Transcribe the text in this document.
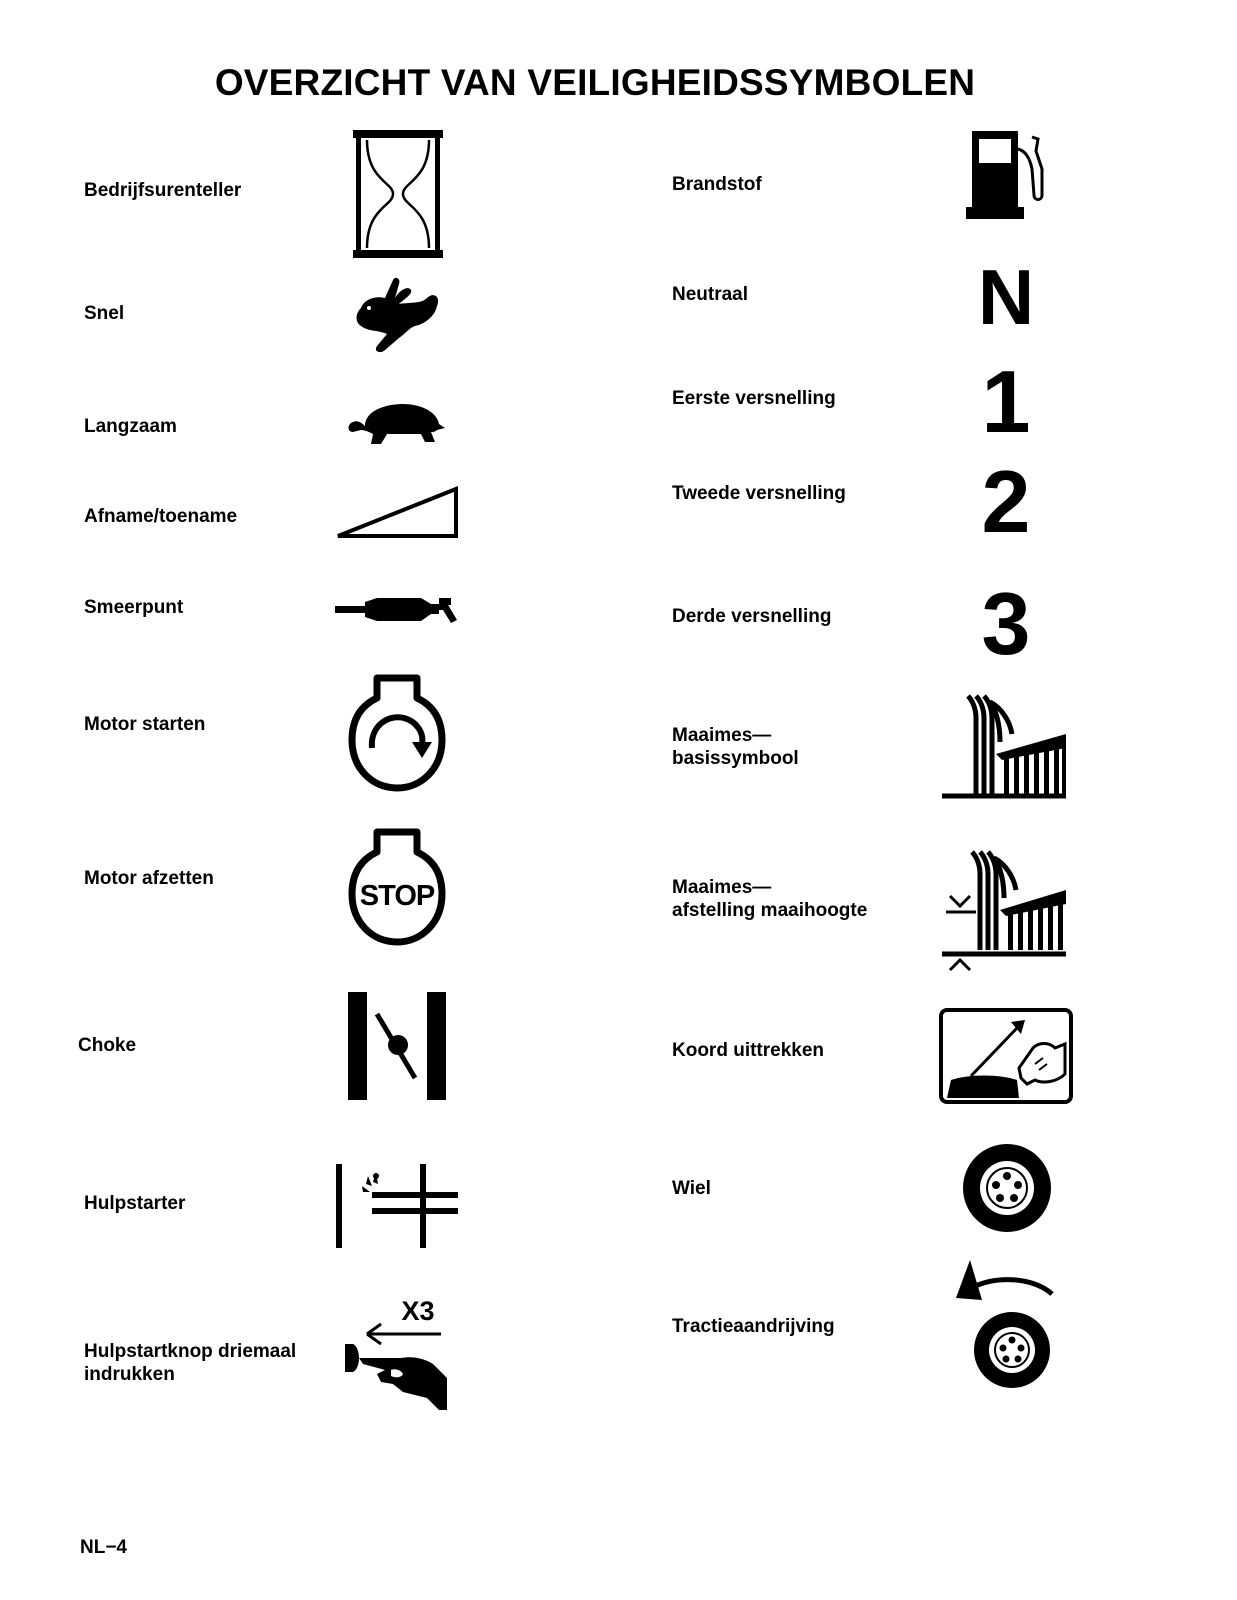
OVERZICHT VAN VEILIGHEIDSSYMBOLEN
Bedrijfsurenteller
Snel
Langzaam
Afname/toename
Smeerpunt
Motor starten
Motor afzetten
STOP
Choke
Hulpstarter
Hulpstartknop driemaal
indrukken
X3
Brandstof
Neutraal	N
Eerste versnelling 1
Tweede versnelling 2
Derde versnelling 3
Maaimes—
basissymbool
Maaimes—
afstelling maaihoogte
Koord uittrekken
Wiel
Tractieaandrijving
NL−4
